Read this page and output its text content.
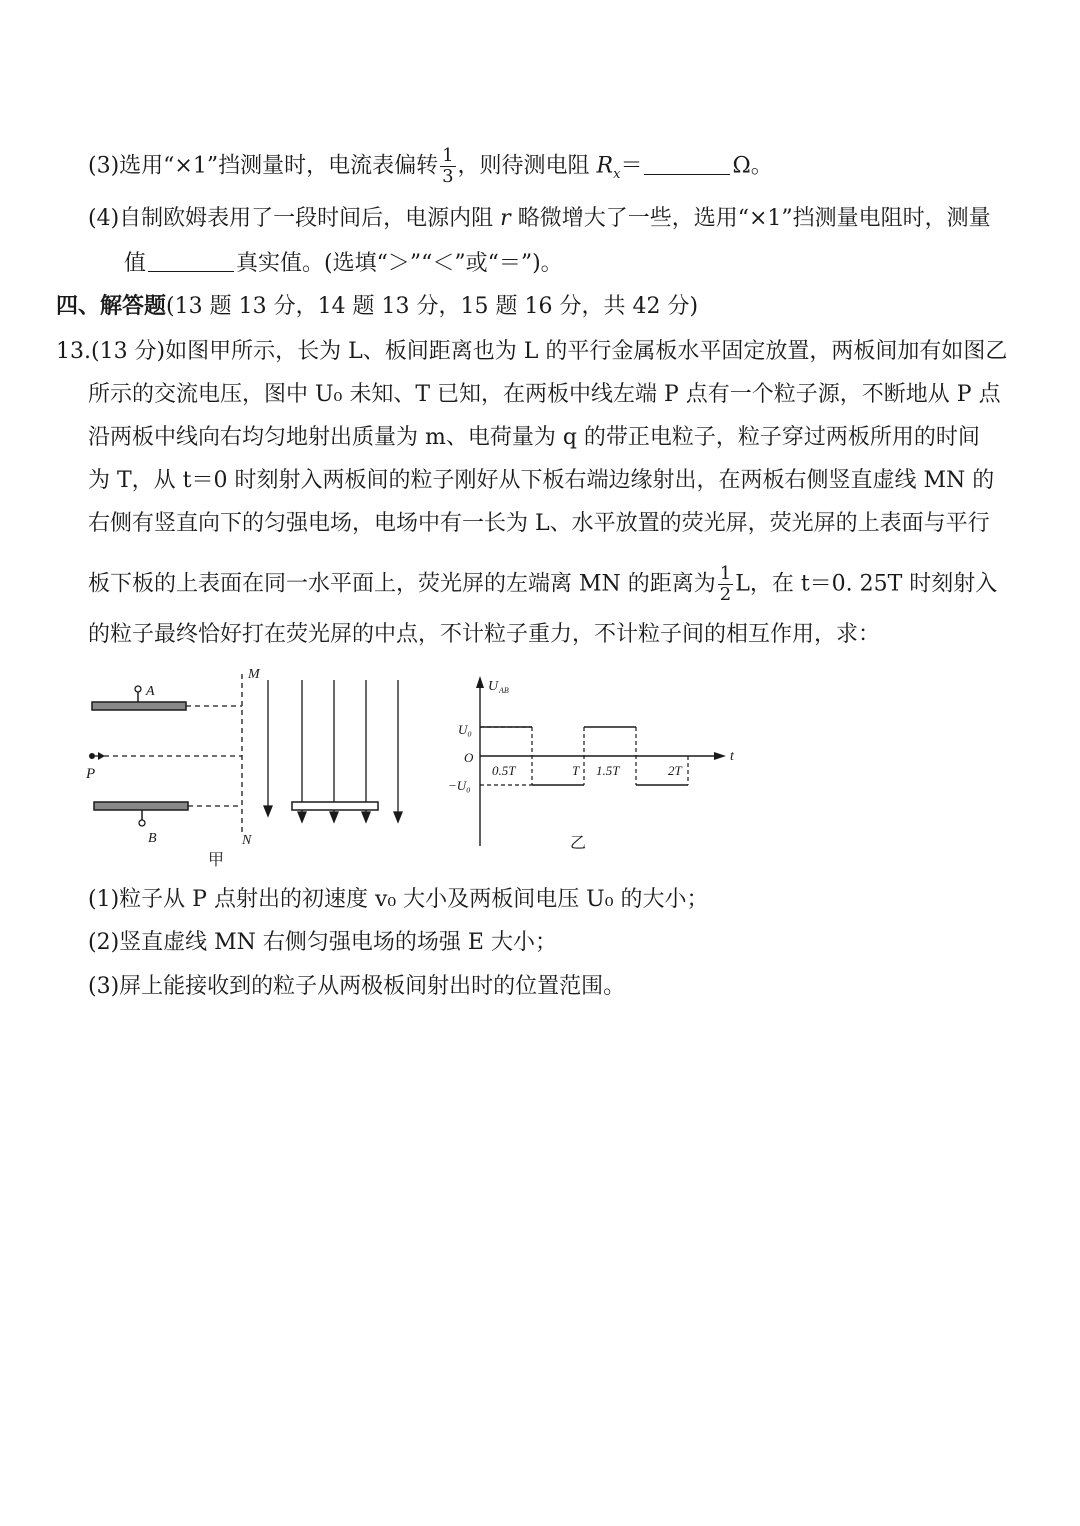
(3)选用“×1”挡测量时，电流表偏转 $\frac{1}{3}$ ，则待测电阻 $R_x=$	Ω。
(4)自制欧姆表用了一段时间后，电源内阻 r 略微增大了一些，选用“×1”挡测量电阻时，测量
值	真实值。(选填“＞”“＜”或“＝”)。
四、解答题(13 题 13 分，14 题 13 分，15 题 16 分，共 42 分)
13.(13 分)如图甲所示，长为 L、板间距离也为 L 的平行金属板水平固定放置，两板间加有如图乙
所示的交流电压，图中 U₀ 未知、T 已知，在两板中线左端 P 点有一个粒子源，不断地从 P 点
沿两板中线向右均匀地射出质量为 m、电荷量为 q 的带正电粒子，粒子穿过两板所用的时间
为 T，从 t＝0 时刻射入两板间的粒子刚好从下板右端边缘射出，在两板右侧竖直虚线 MN 的
右侧有竖直向下的匀强电场，电场中有一长为 L、水平放置的荧光屏，荧光屏的上表面与平行
板下板的上表面在同一水平面上，荧光屏的左端离 MN 的距离为 $\frac{1}{2}$ L，在 t＝0. 25T 时刻射入
的粒子最终恰好打在荧光屏的中点，不计粒子重力，不计粒子间的相互作用，求：
A
P
B
M
N
甲
U AB
t
U₀
−U₀
O
0.5T	T 1.5T	2T
乙
(1)粒子从 P 点射出的初速度 v₀ 大小及两板间电压 U₀ 的大小；
(2)竖直虚线 MN 右侧匀强电场的场强 E 大小；
(3)屏上能接收到的粒子从两极板间射出时的位置范围。
